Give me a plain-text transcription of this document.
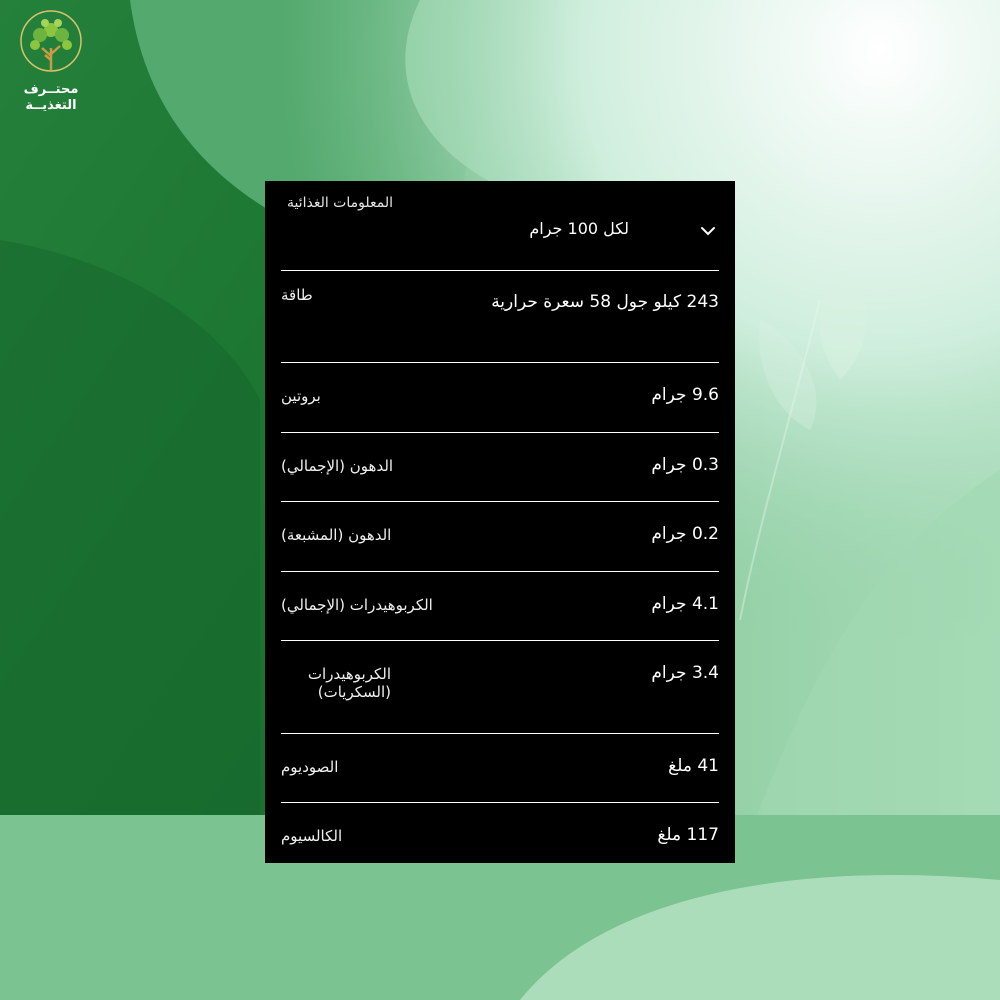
محتــرف
التغذيــة
المعلومات الغذائية
لكل 100 جرام
243 كيلو جول 58 سعرة حرارية
طاقة
9.6 جرام
بروتين
0.3 جرام
الدهون (الإجمالي)
0.2 جرام
الدهون (المشبعة)
4.1 جرام
الكربوهيدرات (الإجمالي)
3.4 جرام
الكربوهيدرات (السكريات)
41 ملغ
الصوديوم
117 ملغ
الكالسيوم
